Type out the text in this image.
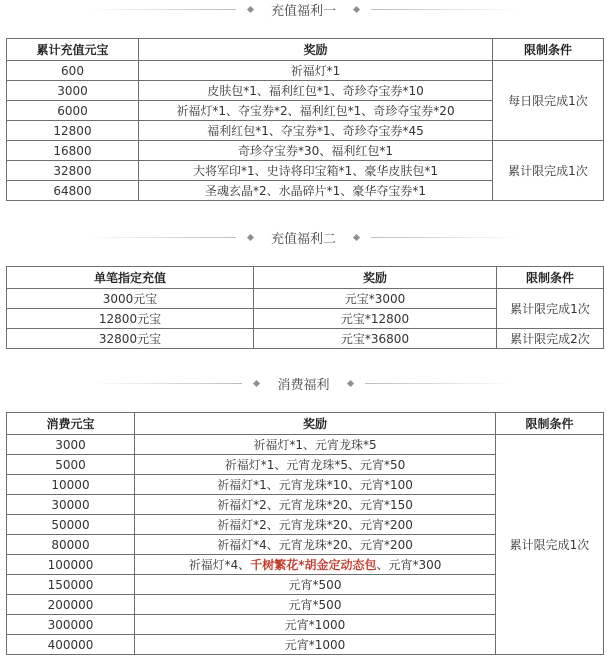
充值福利一
累计充值元宝	奖励	限制条件
600	祈福灯*1	每日限完成1次
3000	皮肤包*1、福利红包*1、奇珍夺宝券*10	
6000	祈福灯*1、夺宝券*2、福利红包*1、奇珍夺宝券*20	
12800	福利红包*1、夺宝券*1、奇珍夺宝券*45	
16800	奇珍夺宝券*30、福利红包*1	累计限完成1次
32800	大将军印*1、史诗将印宝箱*1、豪华皮肤包*1	
64800	圣魂玄晶*2、水晶碎片*1、豪华夺宝券*1	
充值福利二
单笔指定充值	奖励	限制条件
3000元宝	元宝*3000	累计限完成1次
12800元宝	元宝*12800	
32800元宝	元宝*36800	累计限完成2次
消费福利
消费元宝	奖励	限制条件
3000	祈福灯*1、元宵龙珠*5	累计限完成1次
5000	祈福灯*1、元宵龙珠*5、元宵*50	
10000	祈福灯*1、元宵龙珠*10、元宵*100	
30000	祈福灯*2、元宵龙珠*20、元宵*150	
50000	祈福灯*2、元宵龙珠*20、元宵*200	
80000	祈福灯*4、元宵龙珠*20、元宵*200	
100000	祈福灯*4、千树繁花*胡金定动态包、元宵*300	
150000	元宵*500	
200000	元宵*500	
300000	元宵*1000	
400000	元宵*1000	
